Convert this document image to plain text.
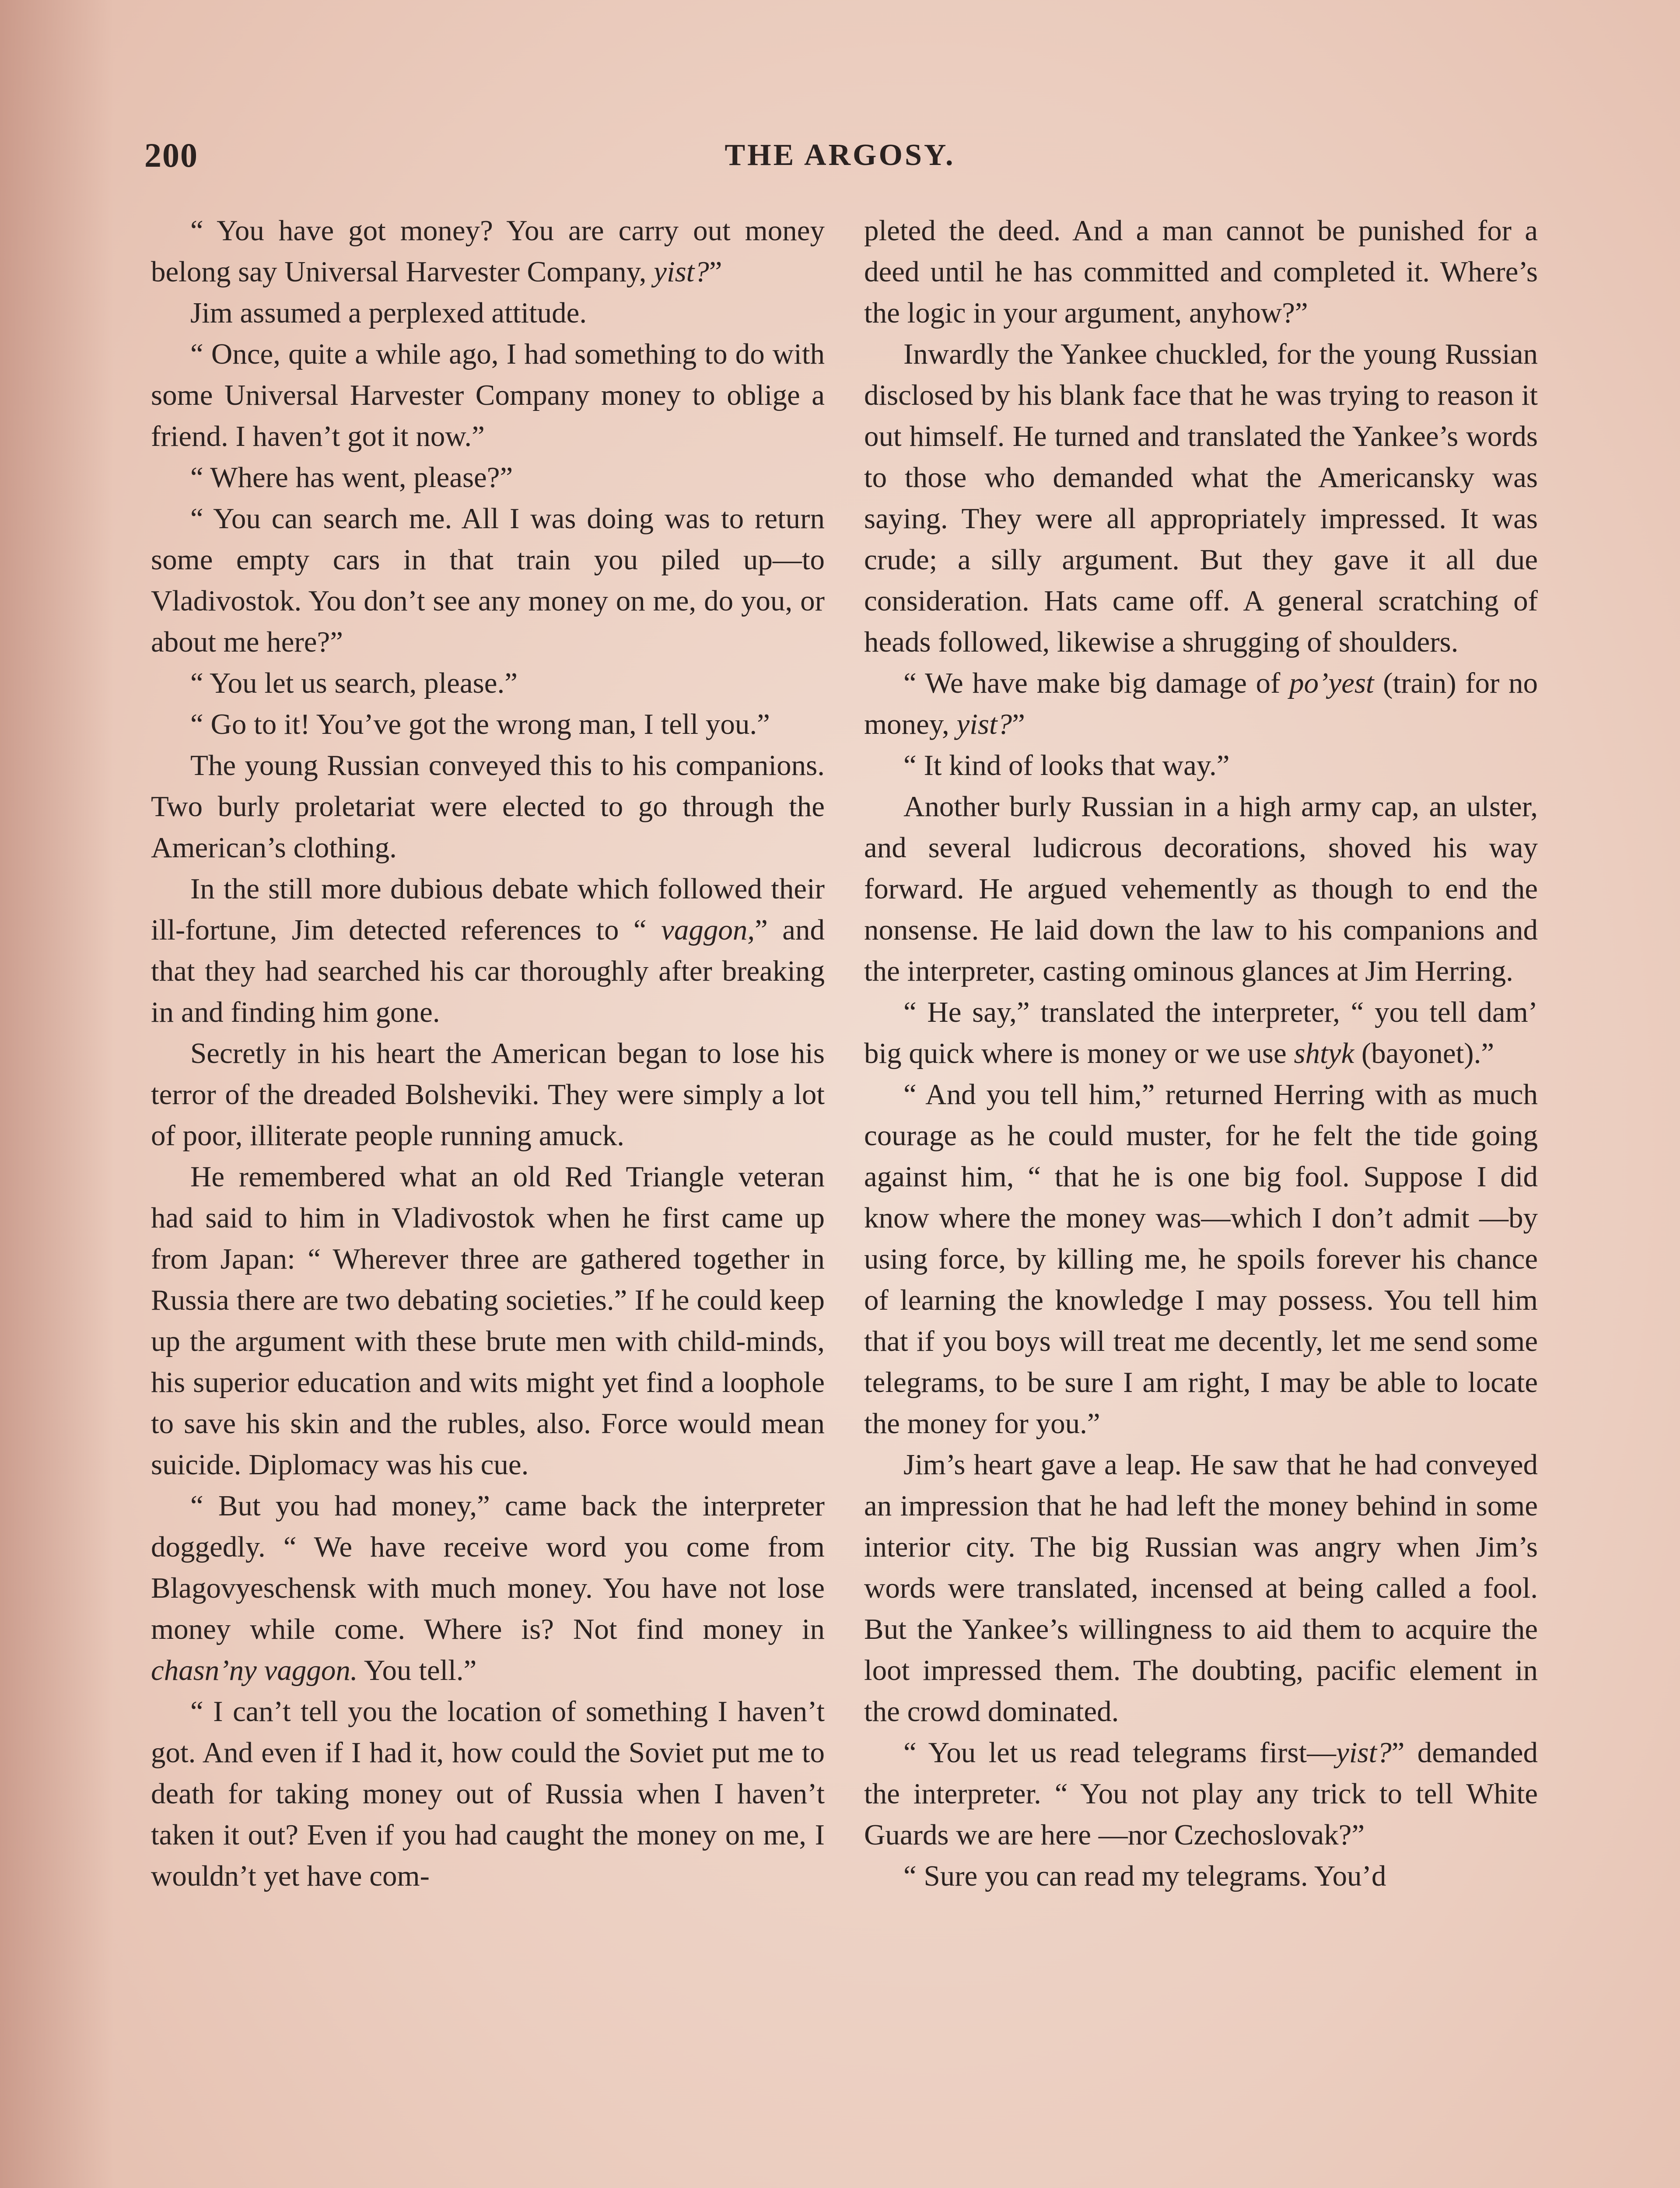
200	THE ARGOSY.

“ You have got money? You are carry out money belong say Universal Harvester Company, yist?”

Jim assumed a perplexed attitude.

“ Once, quite a while ago, I had something to do with some Universal Harvester Company money to oblige a friend. I haven’t got it now.”

“ Where has went, please?”

“ You can search me. All I was doing was to return some empty cars in that train you piled up—to Vladivostok. You don’t see any money on me, do you, or about me here?”

“ You let us search, please.”

“ Go to it! You’ve got the wrong man, I tell you.”

The young Russian conveyed this to his companions. Two burly proletariat were elected to go through the American’s clothing.

In the still more dubious debate which followed their ill-fortune, Jim detected references to “ vaggon,” and that they had searched his car thoroughly after breaking in and finding him gone.

Secretly in his heart the American began to lose his terror of the dreaded Bolsheviki. They were simply a lot of poor, illiterate people running amuck.

He remembered what an old Red Triangle veteran had said to him in Vladivostok when he first came up from Japan: “ Wherever three are gathered together in Russia there are two debating societies.” If he could keep up the argument with these brute men with child-minds, his superior education and wits might yet find a loophole to save his skin and the rubles, also. Force would mean suicide. Diplomacy was his cue.

“ But you had money,” came back the interpreter doggedly. “ We have receive word you come from Blagovyeschensk with much money. You have not lose money while come. Where is? Not find money in chasn’ny vaggon. You tell.”

“ I can’t tell you the location of something I haven’t got. And even if I had it, how could the Soviet put me to death for taking money out of Russia when I haven’t taken it out? Even if you had caught the money on me, I wouldn’t yet have com-

pleted the deed. And a man cannot be punished for a deed until he has committed and completed it. Where’s the logic in your argument, anyhow?”

Inwardly the Yankee chuckled, for the young Russian disclosed by his blank face that he was trying to reason it out himself. He turned and translated the Yankee’s words to those who demanded what the Americansky was saying. They were all appropriately impressed. It was crude; a silly argument. But they gave it all due consideration. Hats came off. A general scratching of heads followed, likewise a shrugging of shoulders.

“ We have make big damage of po’yest (train) for no money, yist?”

“ It kind of looks that way.”

Another burly Russian in a high army cap, an ulster, and several ludicrous decorations, shoved his way forward. He argued vehemently as though to end the nonsense. He laid down the law to his companions and the interpreter, casting ominous glances at Jim Herring.

“ He say,” translated the interpreter, “ you tell dam’ big quick where is money or we use shtyk (bayonet).”

“ And you tell him,” returned Herring with as much courage as he could muster, for he felt the tide going against him, “ that he is one big fool. Suppose I did know where the money was—which I don’t admit —by using force, by killing me, he spoils forever his chance of learning the knowledge I may possess. You tell him that if you boys will treat me decently, let me send some telegrams, to be sure I am right, I may be able to locate the money for you.”

Jim’s heart gave a leap. He saw that he had conveyed an impression that he had left the money behind in some interior city. The big Russian was angry when Jim’s words were translated, incensed at being called a fool. But the Yankee’s willingness to aid them to acquire the loot impressed them. The doubting, pacific element in the crowd dominated.

“ You let us read telegrams first—yist?” demanded the interpreter. “ You not play any trick to tell White Guards we are here —nor Czechoslovak?”

“ Sure you can read my telegrams. You’d
